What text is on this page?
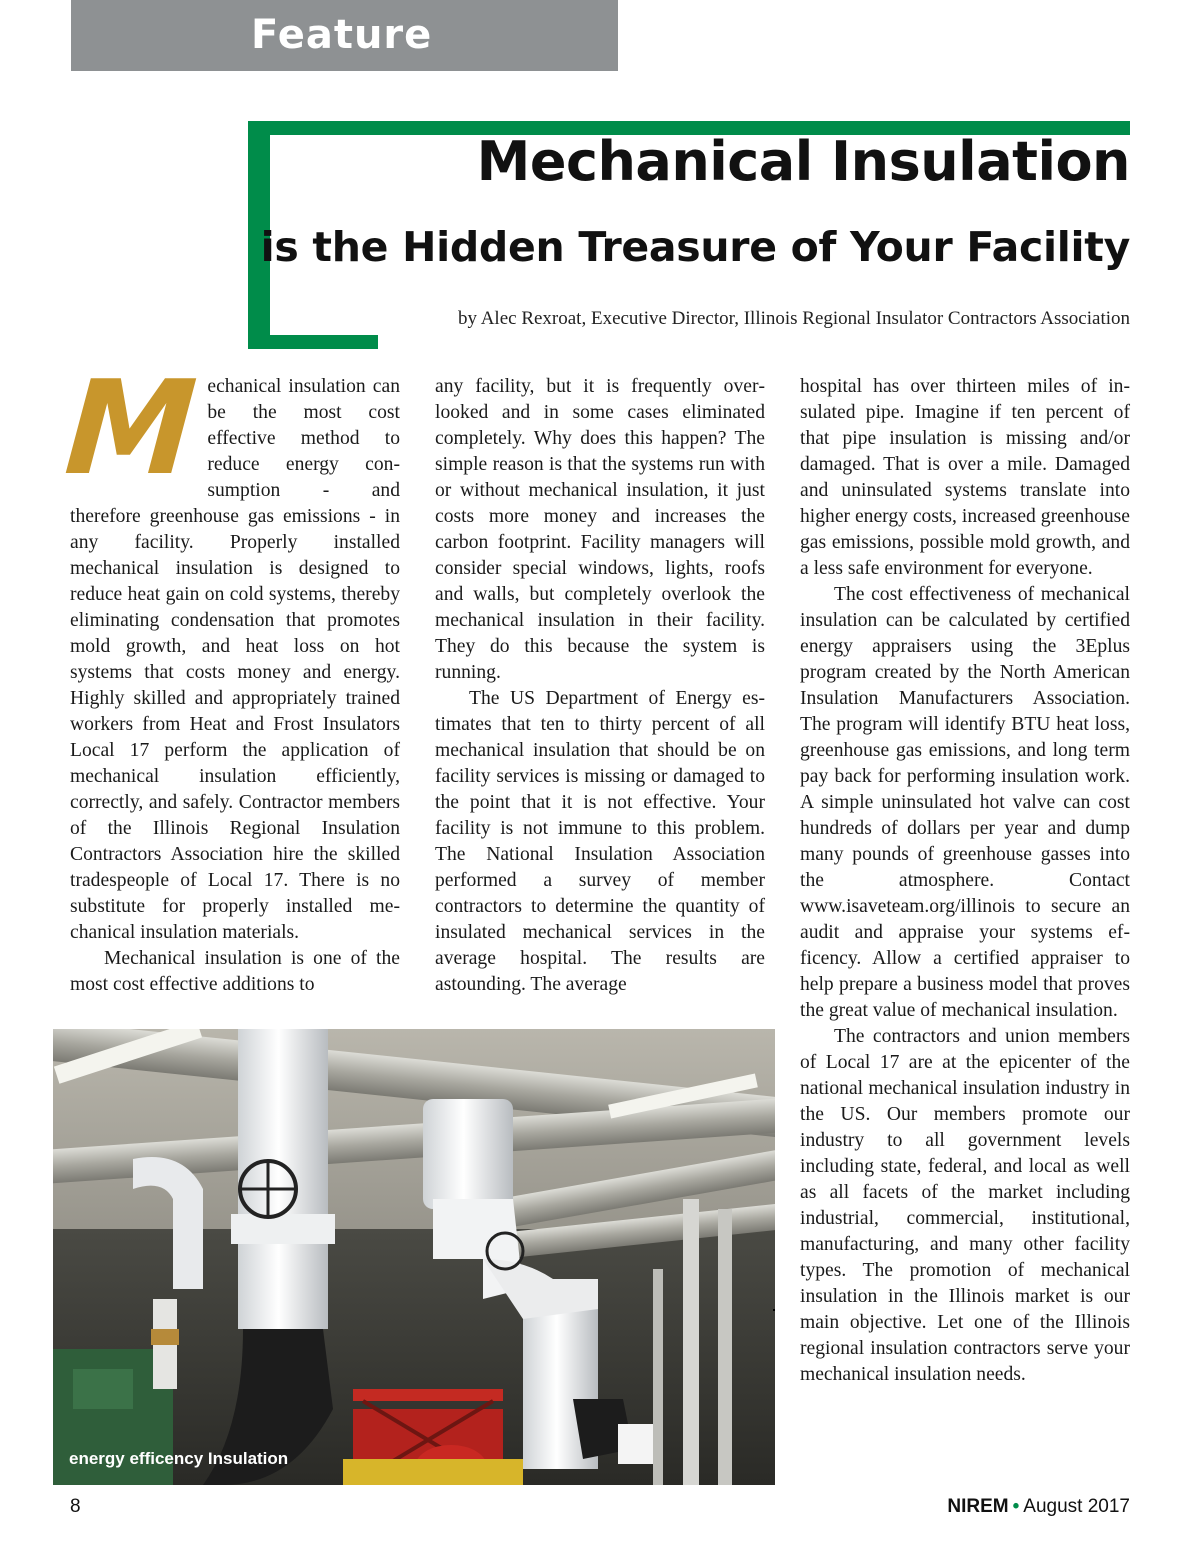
Feature
Mechanical Insulation
is the Hidden Treasure of Your Facility

by Alec Rexroat, Executive Director, Illinois Regional Insulator Contractors Association

M echanical insulation can be the most cost effective method to reduce energy consumption - and therefore greenhouse gas emissions - in any facility. Properly installed mechanical insulation is designed to reduce heat gain on cold systems, thereby eliminating condensation that promotes mold growth, and heat loss on hot systems that costs money and energy. Highly skilled and appropriately trained workers from Heat and Frost Insulators Local 17 perform the application of mechanical insulation efficiently, correctly, and safely. Contractor members of the Illinois Regional Insulation Contractors Association hire the skilled tradespeople of Local 17. There is no substitute for properly installed mechanical insulation materials.

Mechanical insulation is one of the most cost effective additions to

any facility, but it is frequently overlooked and in some cases eliminated completely. Why does this happen? The simple reason is that the systems run with or without mechanical insulation, it just costs more money and increases the carbon footprint. Facility managers will consider special windows, lights, roofs and walls, but completely overlook the mechanical insulation in their facility. They do this because the system is running.

The US Department of Energy estimates that ten to thirty percent of all mechanical insulation that should be on facility services is missing or damaged to the point that it is not effective. Your facility is not immune to this problem. The National Insulation Association performed a survey of member contractors to determine the quantity of insulated mechanical services in the average hospital. The results are astounding. The average

hospital has over thirteen miles of insulated pipe. Imagine if ten percent of that pipe insulation is missing and/or damaged. That is over a mile. Damaged and uninsulated systems translate into higher energy costs, increased greenhouse gas emissions, possible mold growth, and a less safe environment for everyone.

The cost effectiveness of mechanical insulation can be calculated by certified energy appraisers using the 3Eplus program created by the North American Insulation Manufacturers Association. The program will identify BTU heat loss, greenhouse gas emissions, and long term pay back for performing insulation work. A simple uninsulated hot valve can cost hundreds of dollars per year and dump many pounds of greenhouse gasses into the atmosphere. Contact www.isaveteam.org/illinois to secure an audit and appraise your systems efficency. Allow a certified appraiser to help prepare a business model that proves the great value of mechanical insulation.

The contractors and union members of Local 17 are at the epicenter of the national mechanical insulation industry in the US. Our members promote our industry to all government levels including state, federal, and local as well as all facets of the market including industrial, commercial, institutional, manufacturing, and many other facility types. The promotion of mechanical insulation in the Illinois market is our main objective. Let one of the Illinois regional insulation contractors serve your mechanical insulation needs.

energy efficency Insulation

8	NIREM • August 2017
